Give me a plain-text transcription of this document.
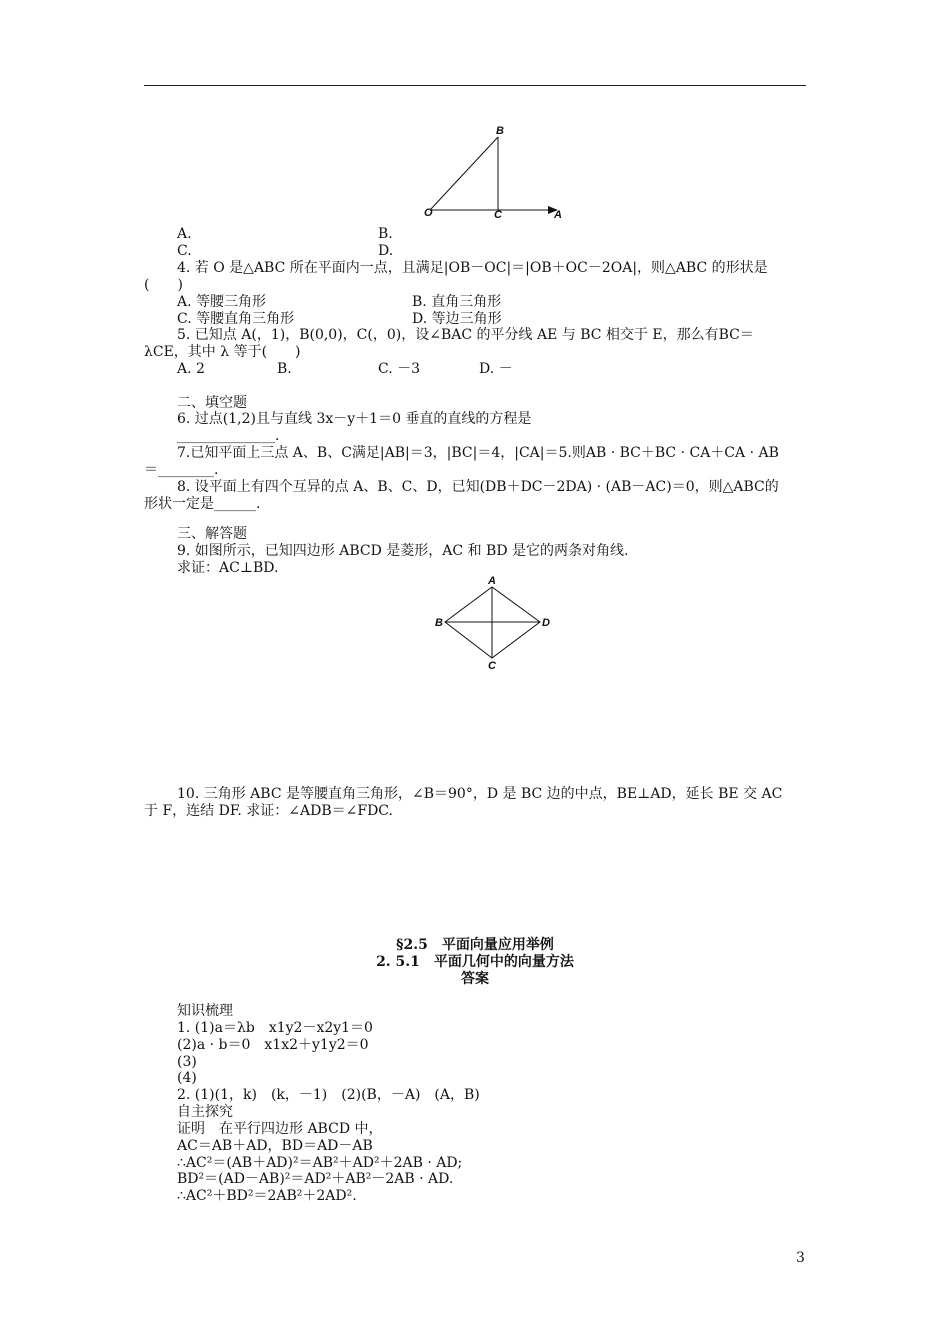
B
O	C	A
A.	B.
C.	D.
4. 若 O 是△ABC 所在平面内一点，且满足|OB－OC|＝|OB＋OC－2OA|，则△ABC 的形状是
(　　)
A. 等腰三角形	B. 直角三角形
C. 等腰直角三角形	D. 等边三角形
5. 已知点 A(，1)，B(0,0)，C(，0)，设∠BAC 的平分线 AE 与 BC 相交于 E，那么有BC＝
λCE，其中 λ 等于(　　)
A. 2	B.	C. －3	D. －
二、填空题
6. 过点(1,2)且与直线 3x－y＋1＝0 垂直的直线的方程是
______________.
7.已知平面上三点 A、B、C满足|AB|＝3，|BC|＝4，|CA|＝5.则AB · BC＋BC · CA＋CA · AB
＝________.
8. 设平面上有四个互异的点 A、B、C、D，已知(DB＋DC－2DA) · (AB－AC)＝0，则△ABC的
形状一定是______.
三、解答题
9. 如图所示，已知四边形 ABCD 是菱形，AC 和 BD 是它的两条对角线.
求证：AC⊥BD.
A
B
C
D
10. 三角形 ABC 是等腰直角三角形，∠B＝90°，D 是 BC 边的中点，BE⊥AD，延长 BE 交 AC
于 F，连结 DF. 求证：∠ADB＝∠FDC.
§2.5　平面向量应用举例
2. 5.1　平面几何中的向量方法
答案
知识梳理
1. (1)a＝λb　x1y2－x2y1＝0
(2)a · b＝0　x1x2＋y1y2＝0
(3)
(4)
2. (1)(1，k)　(k，－1)　(2)(B，－A)　(A，B)
自主探究
证明　在平行四边形 ABCD 中，
AC＝AB＋AD，BD＝AD－AB
∴AC²＝(AB＋AD)²＝AB²＋AD²＋2AB · AD;
BD²＝(AD－AB)²＝AD²＋AB²－2AB · AD.
∴AC²＋BD²＝2AB²＋2AD².
3
